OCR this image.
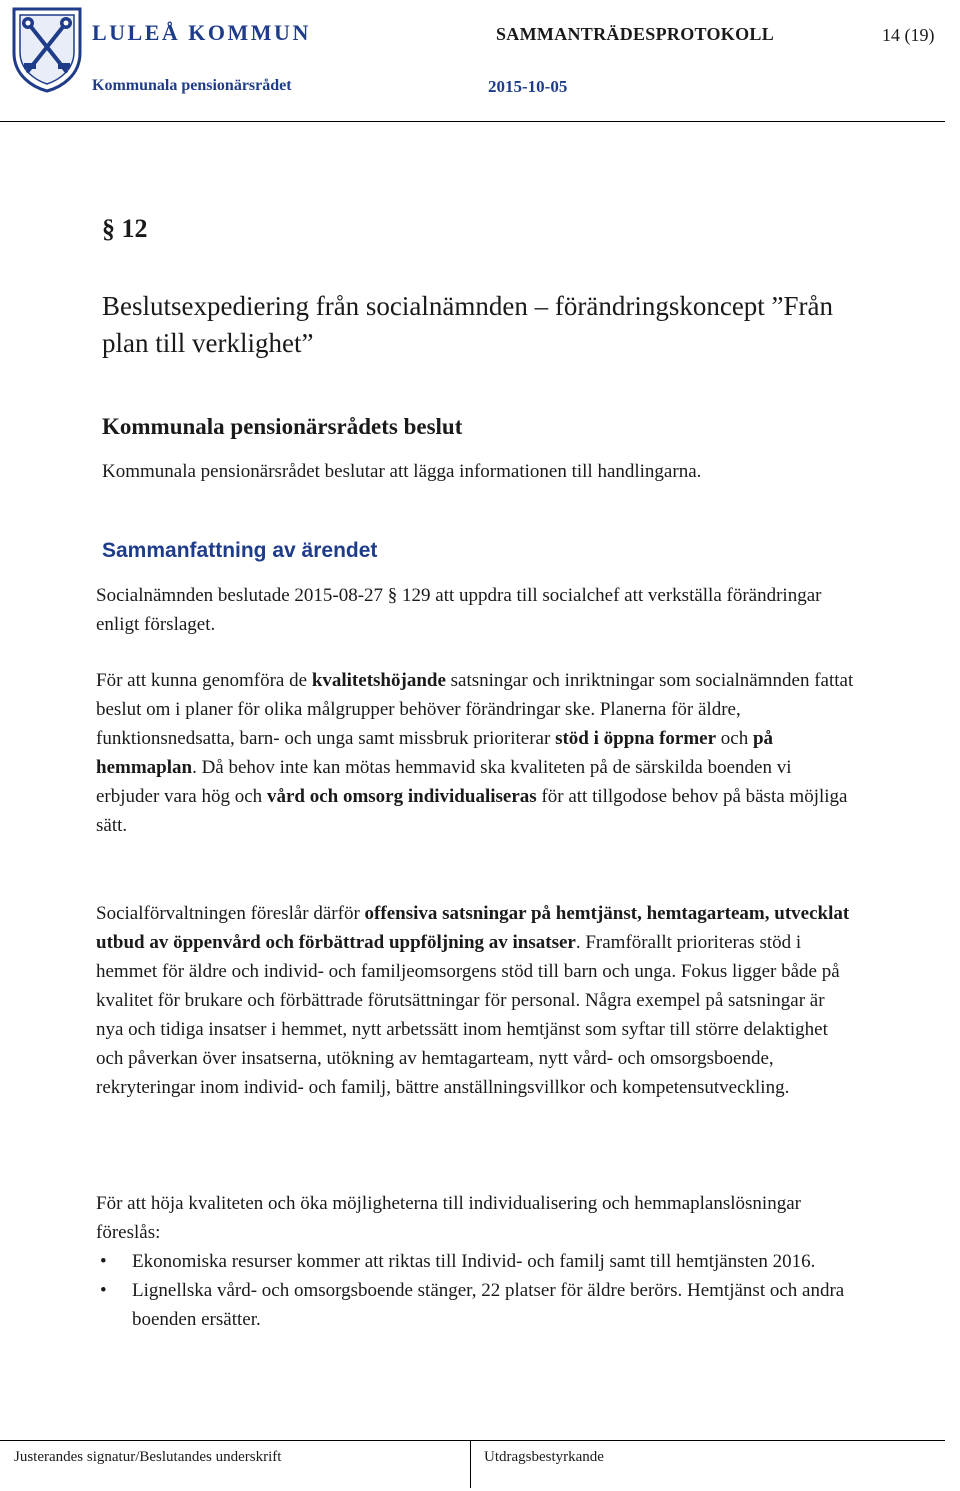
LULEÅ KOMMUN	SAMMANTRÄDESPROTOKOLL	14 (19)
Kommunala pensionärsrådet	2015-10-05
§ 12
Beslutsexpediering från socialnämnden – förändringskoncept ”Från plan till verklighet”
Kommunala pensionärsrådets beslut
Kommunala pensionärsrådet beslutar att lägga informationen till handlingarna.
Sammanfattning av ärendet
Socialnämnden beslutade 2015-08-27 § 129 att uppdra till socialchef att verkställa förändringar enligt förslaget.
För att kunna genomföra de kvalitetshöjande satsningar och inriktningar som socialnämnden fattat beslut om i planer för olika målgrupper behöver förändringar ske. Planerna för äldre, funktionsnedsatta, barn- och unga samt missbruk prioriterar stöd i öppna former och på hemmaplan. Då behov inte kan mötas hemmavid ska kvaliteten på de särskilda boenden vi erbjuder vara hög och vård och omsorg individualiseras för att tillgodose behov på bästa möjliga sätt.
Socialförvaltningen föreslår därför offensiva satsningar på hemtjänst, hemtagarteam, utvecklat utbud av öppenvård och förbättrad uppföljning av insatser. Framförallt prioriteras stöd i hemmet för äldre och individ- och familjeomsorgens stöd till barn och unga. Fokus ligger både på kvalitet för brukare och förbättrade förutsättningar för personal. Några exempel på satsningar är nya och tidiga insatser i hemmet, nytt arbetssätt inom hemtjänst som syftar till större delaktighet och påverkan över insatserna, utökning av hemtagarteam, nytt vård- och omsorgsboende, rekryteringar inom individ- och familj, bättre anställningsvillkor och kompetensutveckling.
För att höja kvaliteten och öka möjligheterna till individualisering och hemmaplanslösningar föreslås:
• Ekonomiska resurser kommer att riktas till Individ- och familj samt till hemtjänsten 2016.
• Lignellska vård- och omsorgsboende stänger, 22 platser för äldre berörs. Hemtjänst och andra boenden ersätter.
Justerandes signatur/Beslutandes underskrift	Utdragsbestyrkande
